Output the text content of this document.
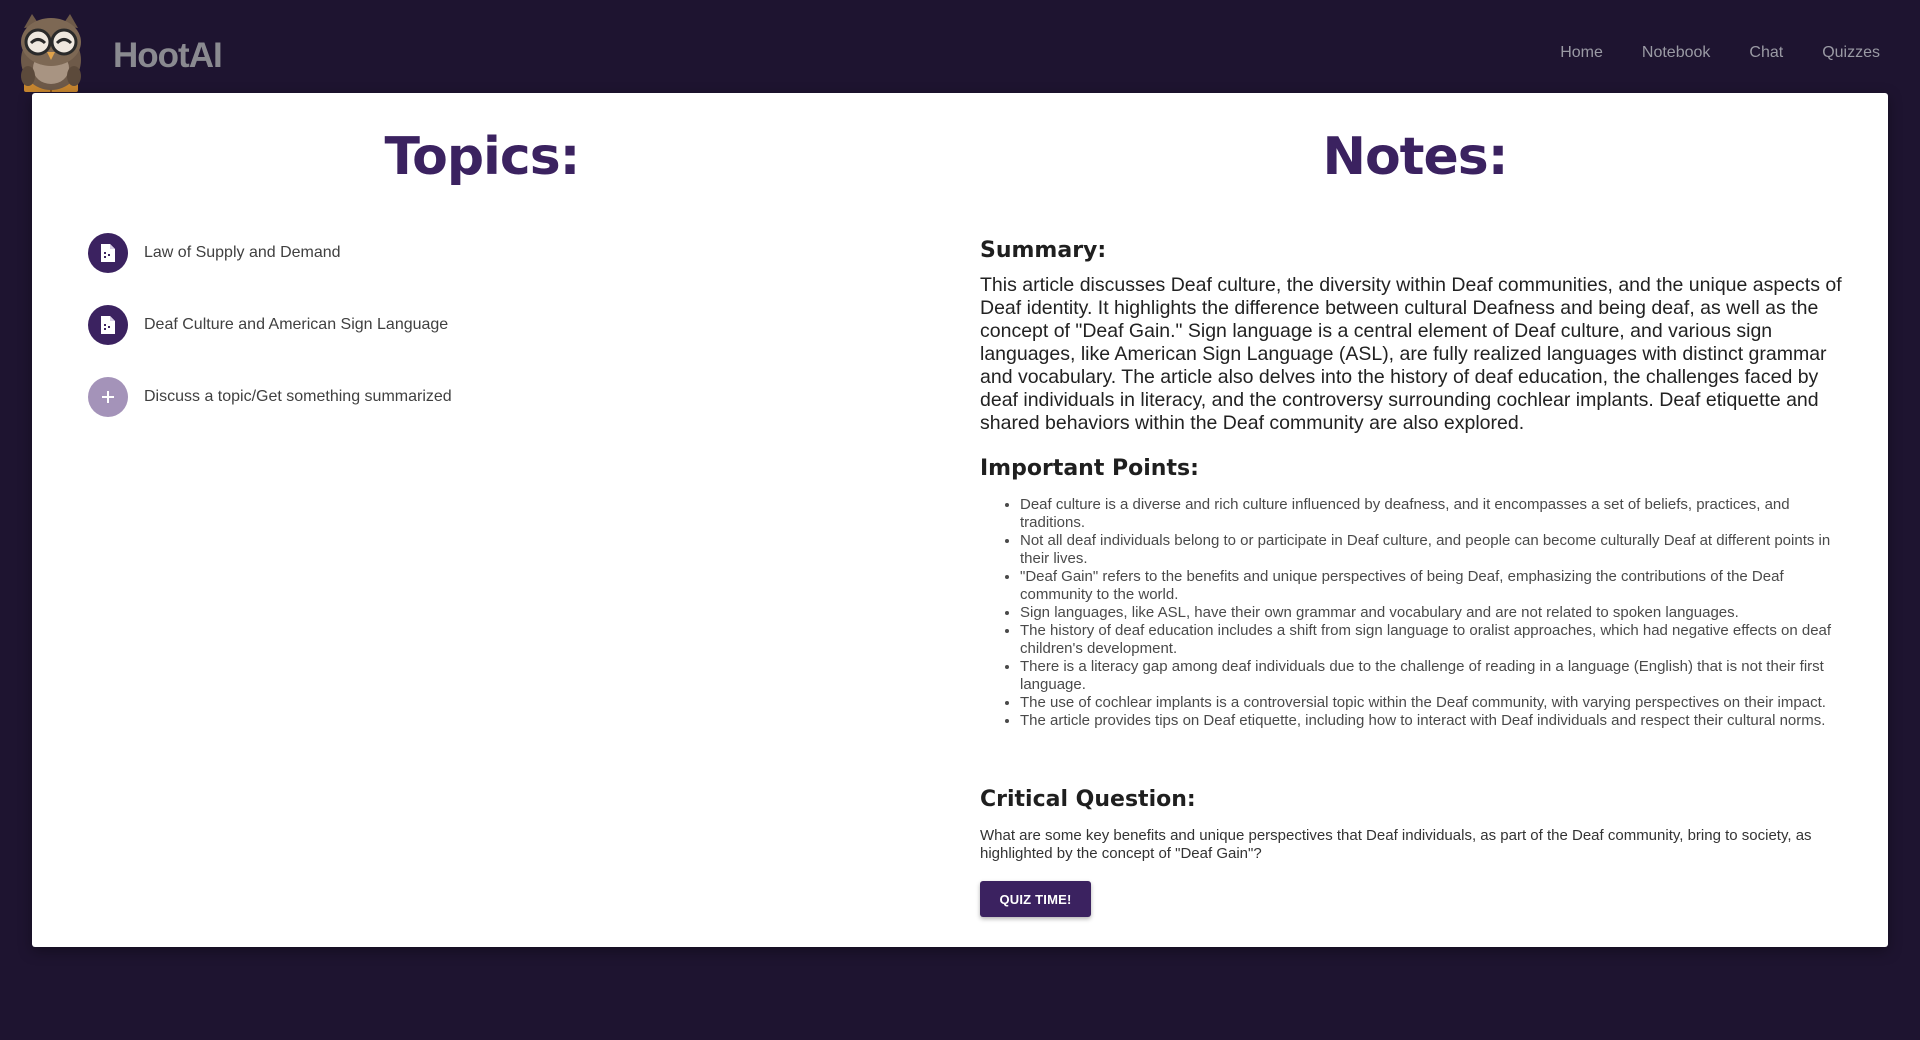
HootAI	Home Notebook Chat Quizzes
Topics:
Law of Supply and Demand
Deaf Culture and American Sign Language
Discuss a topic/Get something summarized
Notes:
Summary:

This article discusses Deaf culture, the diversity within Deaf communities, and the unique aspects of Deaf identity. It highlights the difference between cultural Deafness and being deaf, as well as the concept of "Deaf Gain." Sign language is a central element of Deaf culture, and various sign languages, like American Sign Language (ASL), are fully realized languages with distinct grammar and vocabulary. The article also delves into the history of deaf education, the challenges faced by deaf individuals in literacy, and the controversy surrounding cochlear implants. Deaf etiquette and shared behaviors within the Deaf community are also explored.

Important Points:
• Deaf culture is a diverse and rich culture influenced by deafness, and it encompasses a set of beliefs, practices, and traditions.
• Not all deaf individuals belong to or participate in Deaf culture, and people can become culturally Deaf at different points in their lives.
• "Deaf Gain" refers to the benefits and unique perspectives of being Deaf, emphasizing the contributions of the Deaf community to the world.
• Sign languages, like ASL, have their own grammar and vocabulary and are not related to spoken languages.
• The history of deaf education includes a shift from sign language to oralist approaches, which had negative effects on deaf children's development.
• There is a literacy gap among deaf individuals due to the challenge of reading in a language (English) that is not their first language.
• The use of cochlear implants is a controversial topic within the Deaf community, with varying perspectives on their impact.
• The article provides tips on Deaf etiquette, including how to interact with Deaf individuals and respect their cultural norms.
Critical Question:

What are some key benefits and unique perspectives that Deaf individuals, as part of the Deaf community, bring to society, as highlighted by the concept of "Deaf Gain"?

QUIZ TIME!
